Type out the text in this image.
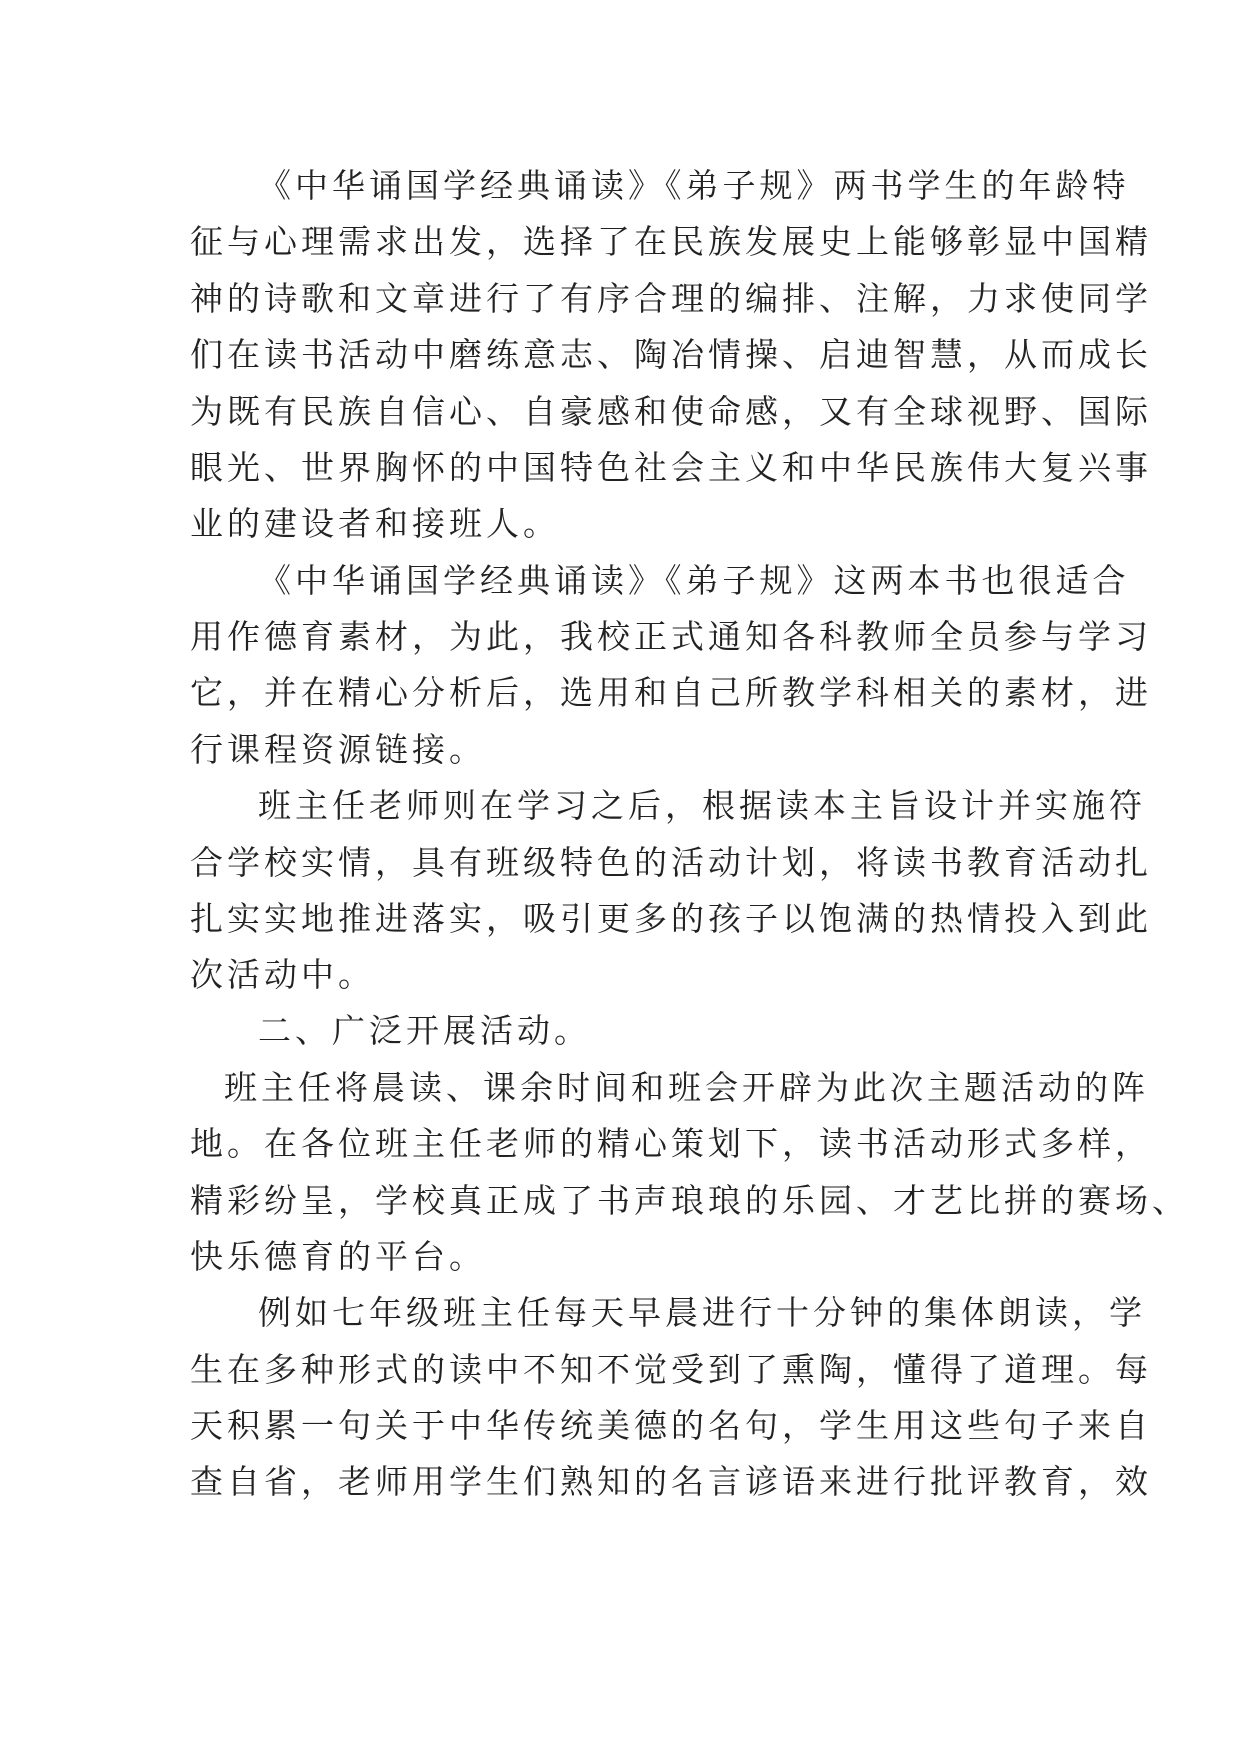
《中华诵国学经典诵读》《弟子规》两书学生的年龄特
征与心理需求出发，选择了在民族发展史上能够彰显中国精
神的诗歌和文章进行了有序合理的编排、注解，力求使同学
们在读书活动中磨练意志、陶冶情操、启迪智慧，从而成长
为既有民族自信心、自豪感和使命感，又有全球视野、国际
眼光、世界胸怀的中国特色社会主义和中华民族伟大复兴事
业的建设者和接班人。
《中华诵国学经典诵读》《弟子规》这两本书也很适合
用作德育素材，为此，我校正式通知各科教师全员参与学习
它，并在精心分析后，选用和自己所教学科相关的素材，进
行课程资源链接。
班主任老师则在学习之后，根据读本主旨设计并实施符
合学校实情，具有班级特色的活动计划，将读书教育活动扎
扎实实地推进落实，吸引更多的孩子以饱满的热情投入到此
次活动中。
二、广泛开展活动。
班主任将晨读、课余时间和班会开辟为此次主题活动的阵
地。在各位班主任老师的精心策划下，读书活动形式多样，
精彩纷呈，学校真正成了书声琅琅的乐园、才艺比拼的赛场、
快乐德育的平台。
例如七年级班主任每天早晨进行十分钟的集体朗读，学
生在多种形式的读中不知不觉受到了熏陶，懂得了道理。每
天积累一句关于中华传统美德的名句，学生用这些句子来自
查自省，老师用学生们熟知的名言谚语来进行批评教育，效
